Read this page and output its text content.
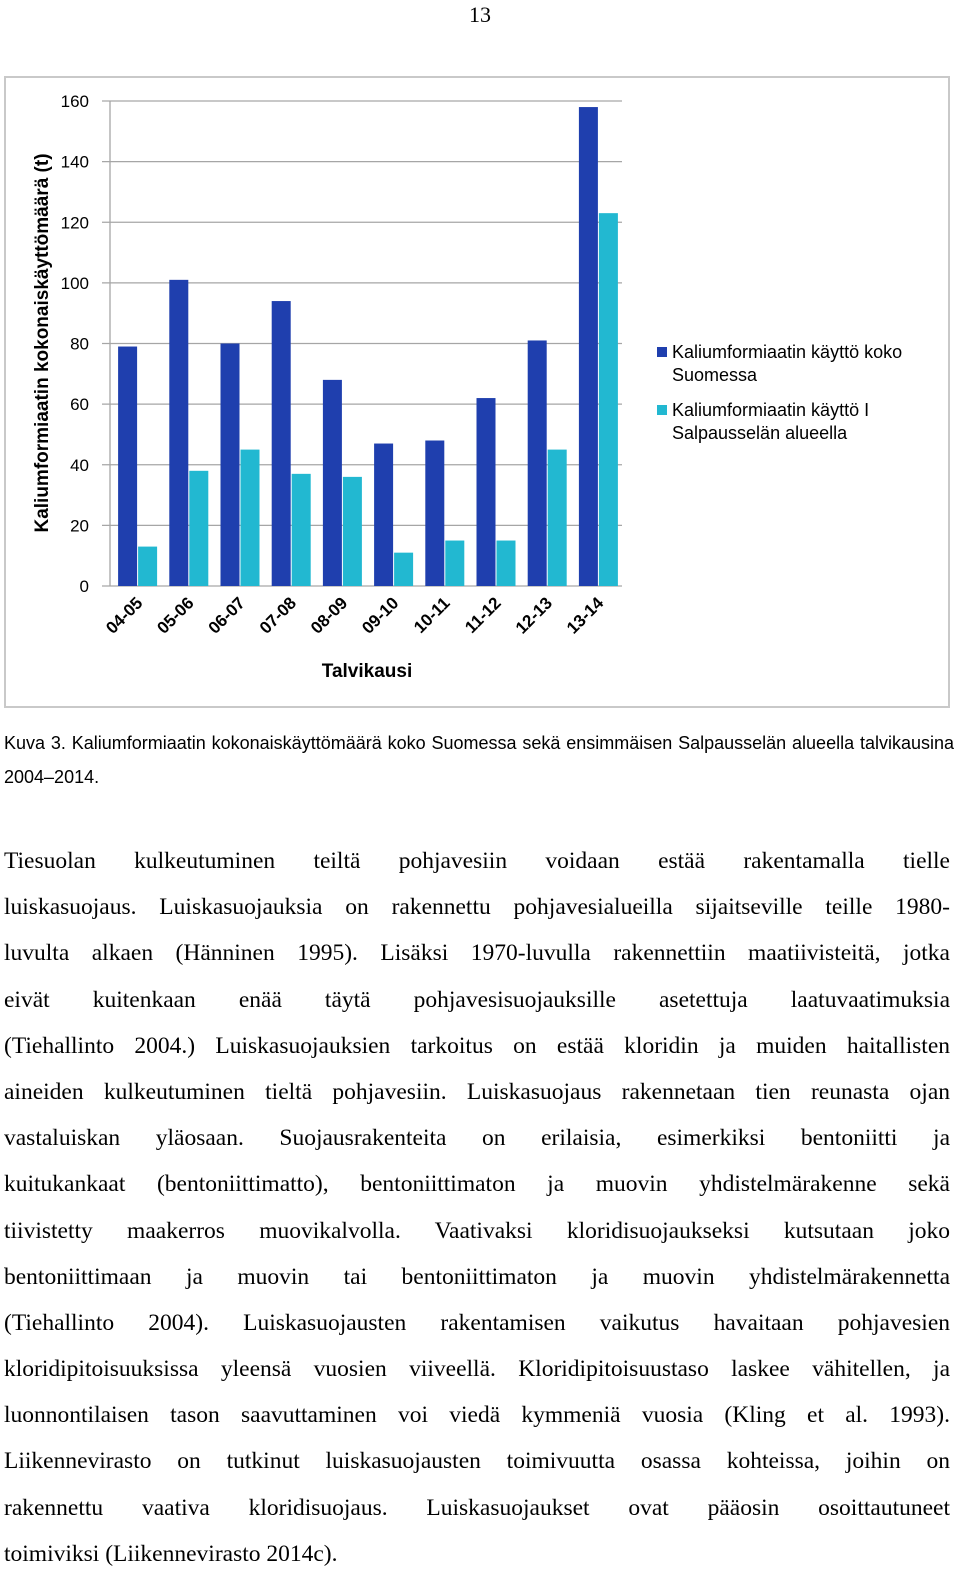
13
0
20
40
60
80
100
120
140
160
04-05 05-06 06-07 07-08 08-09 09-10 10-11 11-12 12-13 13-14
Talvikausi
Kaliumformiaatin kokonaiskäyttömäärä (t)	Kaliumformiaatin käyttö koko
Suomessa
Kaliumformiaatin käyttö I
Salpausselän alueella
Kuva 3. Kaliumformiaatin kokonaiskäyttömäärä koko Suomessa sekä ensimmäisen Salpausselän alueella talvikausina 2004–2014.
Tiesuolan kulkeutuminen teiltä pohjavesiin voidaan estää rakentamalla tielle
luiskasuojaus. Luiskasuojauksia on rakennettu pohjavesialueilla sijaitseville teille 1980-
luvulta alkaen (Hänninen 1995). Lisäksi 1970-luvulla rakennettiin maatiivisteitä, jotka
eivät kuitenkaan enää täytä pohjavesisuojauksille asetettuja laatuvaatimuksia
(Tiehallinto 2004.) Luiskasuojauksien tarkoitus on estää kloridin ja muiden haitallisten
aineiden kulkeutuminen tieltä pohjavesiin. Luiskasuojaus rakennetaan tien reunasta ojan
vastaluiskan yläosaan. Suojausrakenteita on erilaisia, esimerkiksi bentoniitti ja
kuitukankaat (bentoniittimatto), bentoniittimaton ja muovin yhdistelmärakenne sekä
tiivistetty maakerros muovikalvolla. Vaativaksi kloridisuojaukseksi kutsutaan joko
bentoniittimaan ja muovin tai bentoniittimaton ja muovin yhdistelmärakennetta
(Tiehallinto 2004). Luiskasuojausten rakentamisen vaikutus havaitaan pohjavesien
kloridipitoisuuksissa yleensä vuosien viiveellä. Kloridipitoisuustaso laskee vähitellen, ja
luonnontilaisen tason saavuttaminen voi viedä kymmeniä vuosia (Kling et al. 1993).
Liikennevirasto on tutkinut luiskasuojausten toimivuutta osassa kohteissa, joihin on
rakennettu vaativa kloridisuojaus. Luiskasuojaukset ovat pääosin osoittautuneet
toimiviksi (Liikennevirasto 2014c).
